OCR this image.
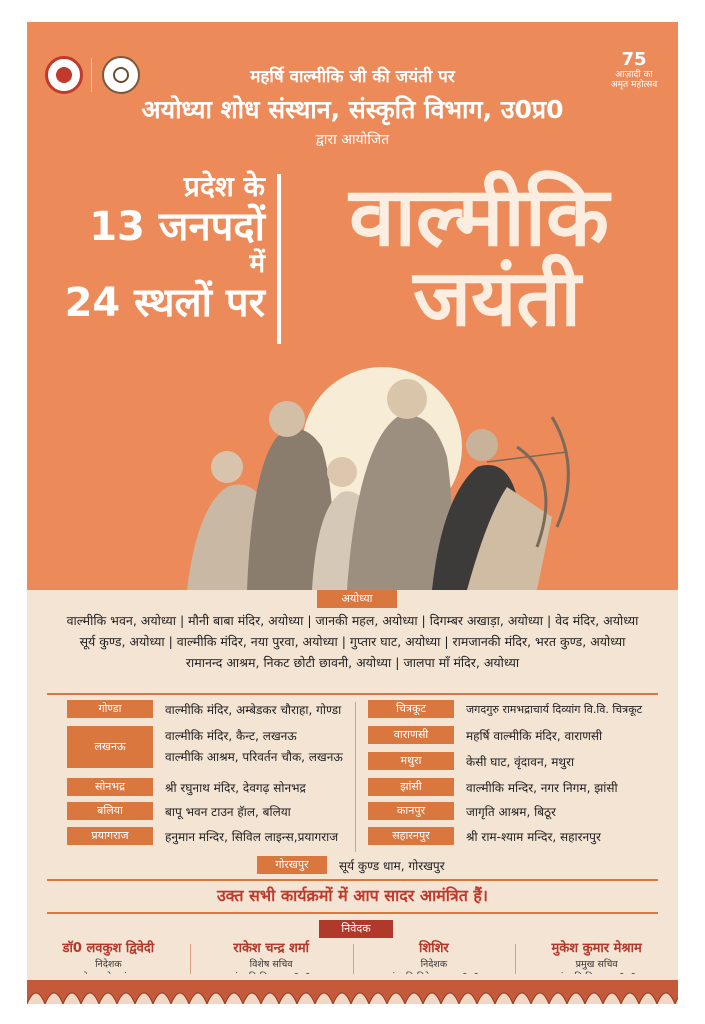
75
आज़ादी का
अमृत महोत्सव
महर्षि वाल्मीकि जी की जयंती पर
अयोध्या शोध संस्थान, संस्कृति विभाग, उ0प्र0
द्वारा आयोजित
प्रदेश के
13 जनपदों
में
24 स्थलों पर
वाल्मीकि
जयंती
अयोध्या
वाल्मीकि भवन, अयोध्या | मौनी बाबा मंदिर, अयोध्या | जानकी महल, अयोध्या | दिगम्बर अखाड़ा, अयोध्या | वेद मंदिर, अयोध्या
सूर्य कुण्ड, अयोध्या | वाल्मीकि मंदिर, नया पुरवा, अयोध्या | गुप्तार घाट, अयोध्या | रामजानकी मंदिर, भरत कुण्ड, अयोध्या
रामानन्द आश्रम, निकट छोटी छावनी, अयोध्या | जालपा माँ मंदिर, अयोध्या
गोण्डा	वाल्मीकि मंदिर, अम्बेडकर चौराहा, गोण्डा
लखनऊ
वाल्मीकि मंदिर, कैन्ट, लखनऊ
वाल्मीकि आश्रम, परिवर्तन चौक, लखनऊ
सोनभद्र	श्री रघुनाथ मंदिर, देवगढ़ सोनभद्र
बलिया	बापू भवन टाउन हॅाल, बलिया
प्रयागराज	हनुमान मन्दिर, सिविल लाइन्स,प्रयागराज
चित्रकूट	जगदगुरु रामभद्राचार्य दिव्यांग वि.वि. चित्रकूट
वाराणसी	महर्षि वाल्मीकि मंदिर, वाराणसी
मथुरा	केसी घाट, वृंदावन, मथुरा
झांसी	वाल्मीकि मन्दिर, नगर निगम, झांसी
कानपुर	जागृति आश्रम, बिठूर
सहारनपुर	श्री राम-श्याम मन्दिर, सहारनपुर
गोरखपुर	सूर्य कुण्ड धाम, गोरखपुर
उक्त सभी कार्यक्रमों में आप सादर आमंत्रित हैं।
निवेदक
डॉ0 लवकुश द्विवेदी
निदेशक
राकेश चन्द्र शर्मा
विशेष सचिव
शिशिर
निदेशक
मुकेश कुमार मेश्राम
प्रमुख सचिव
